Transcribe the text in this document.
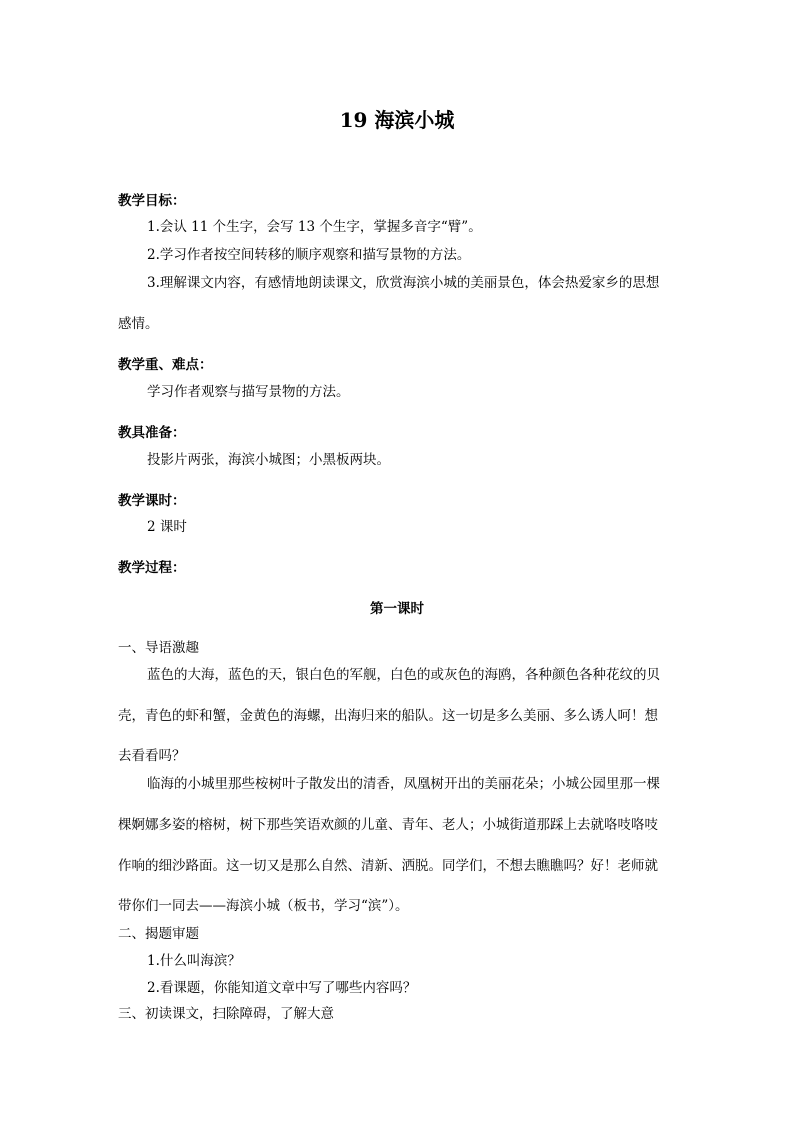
19 海滨小城
教学目标：
1.会认 11 个生字，会写 13 个生字，掌握多音字“臂”。
2.学习作者按空间转移的顺序观察和描写景物的方法。
3.理解课文内容，有感情地朗读课文，欣赏海滨小城的美丽景色，体会热爱家乡的思想
感情。
教学重、难点：
学习作者观察与描写景物的方法。
教具准备：
投影片两张，海滨小城图；小黑板两块。
教学课时：
2 课时
教学过程：
第一课时
一、导语激趣
蓝色的大海，蓝色的天，银白色的军舰，白色的或灰色的海鸥，各种颜色各种花纹的贝
壳，青色的虾和蟹，金黄色的海螺，出海归来的船队。这一切是多么美丽、多么诱人呵！想
去看看吗？
临海的小城里那些桉树叶子散发出的清香，凤凰树开出的美丽花朵；小城公园里那一棵
棵婀娜多姿的榕树，树下那些笑语欢颜的儿童、青年、老人；小城街道那踩上去就咯吱咯吱
作响的细沙路面。这一切又是那么自然、清新、洒脱。同学们，不想去瞧瞧吗？好！老师就
带你们一同去——海滨小城（板书，学习“滨”）。
二、揭题审题
1.什么叫海滨？
2.看课题，你能知道文章中写了哪些内容吗？
三、初读课文，扫除障碍，了解大意
